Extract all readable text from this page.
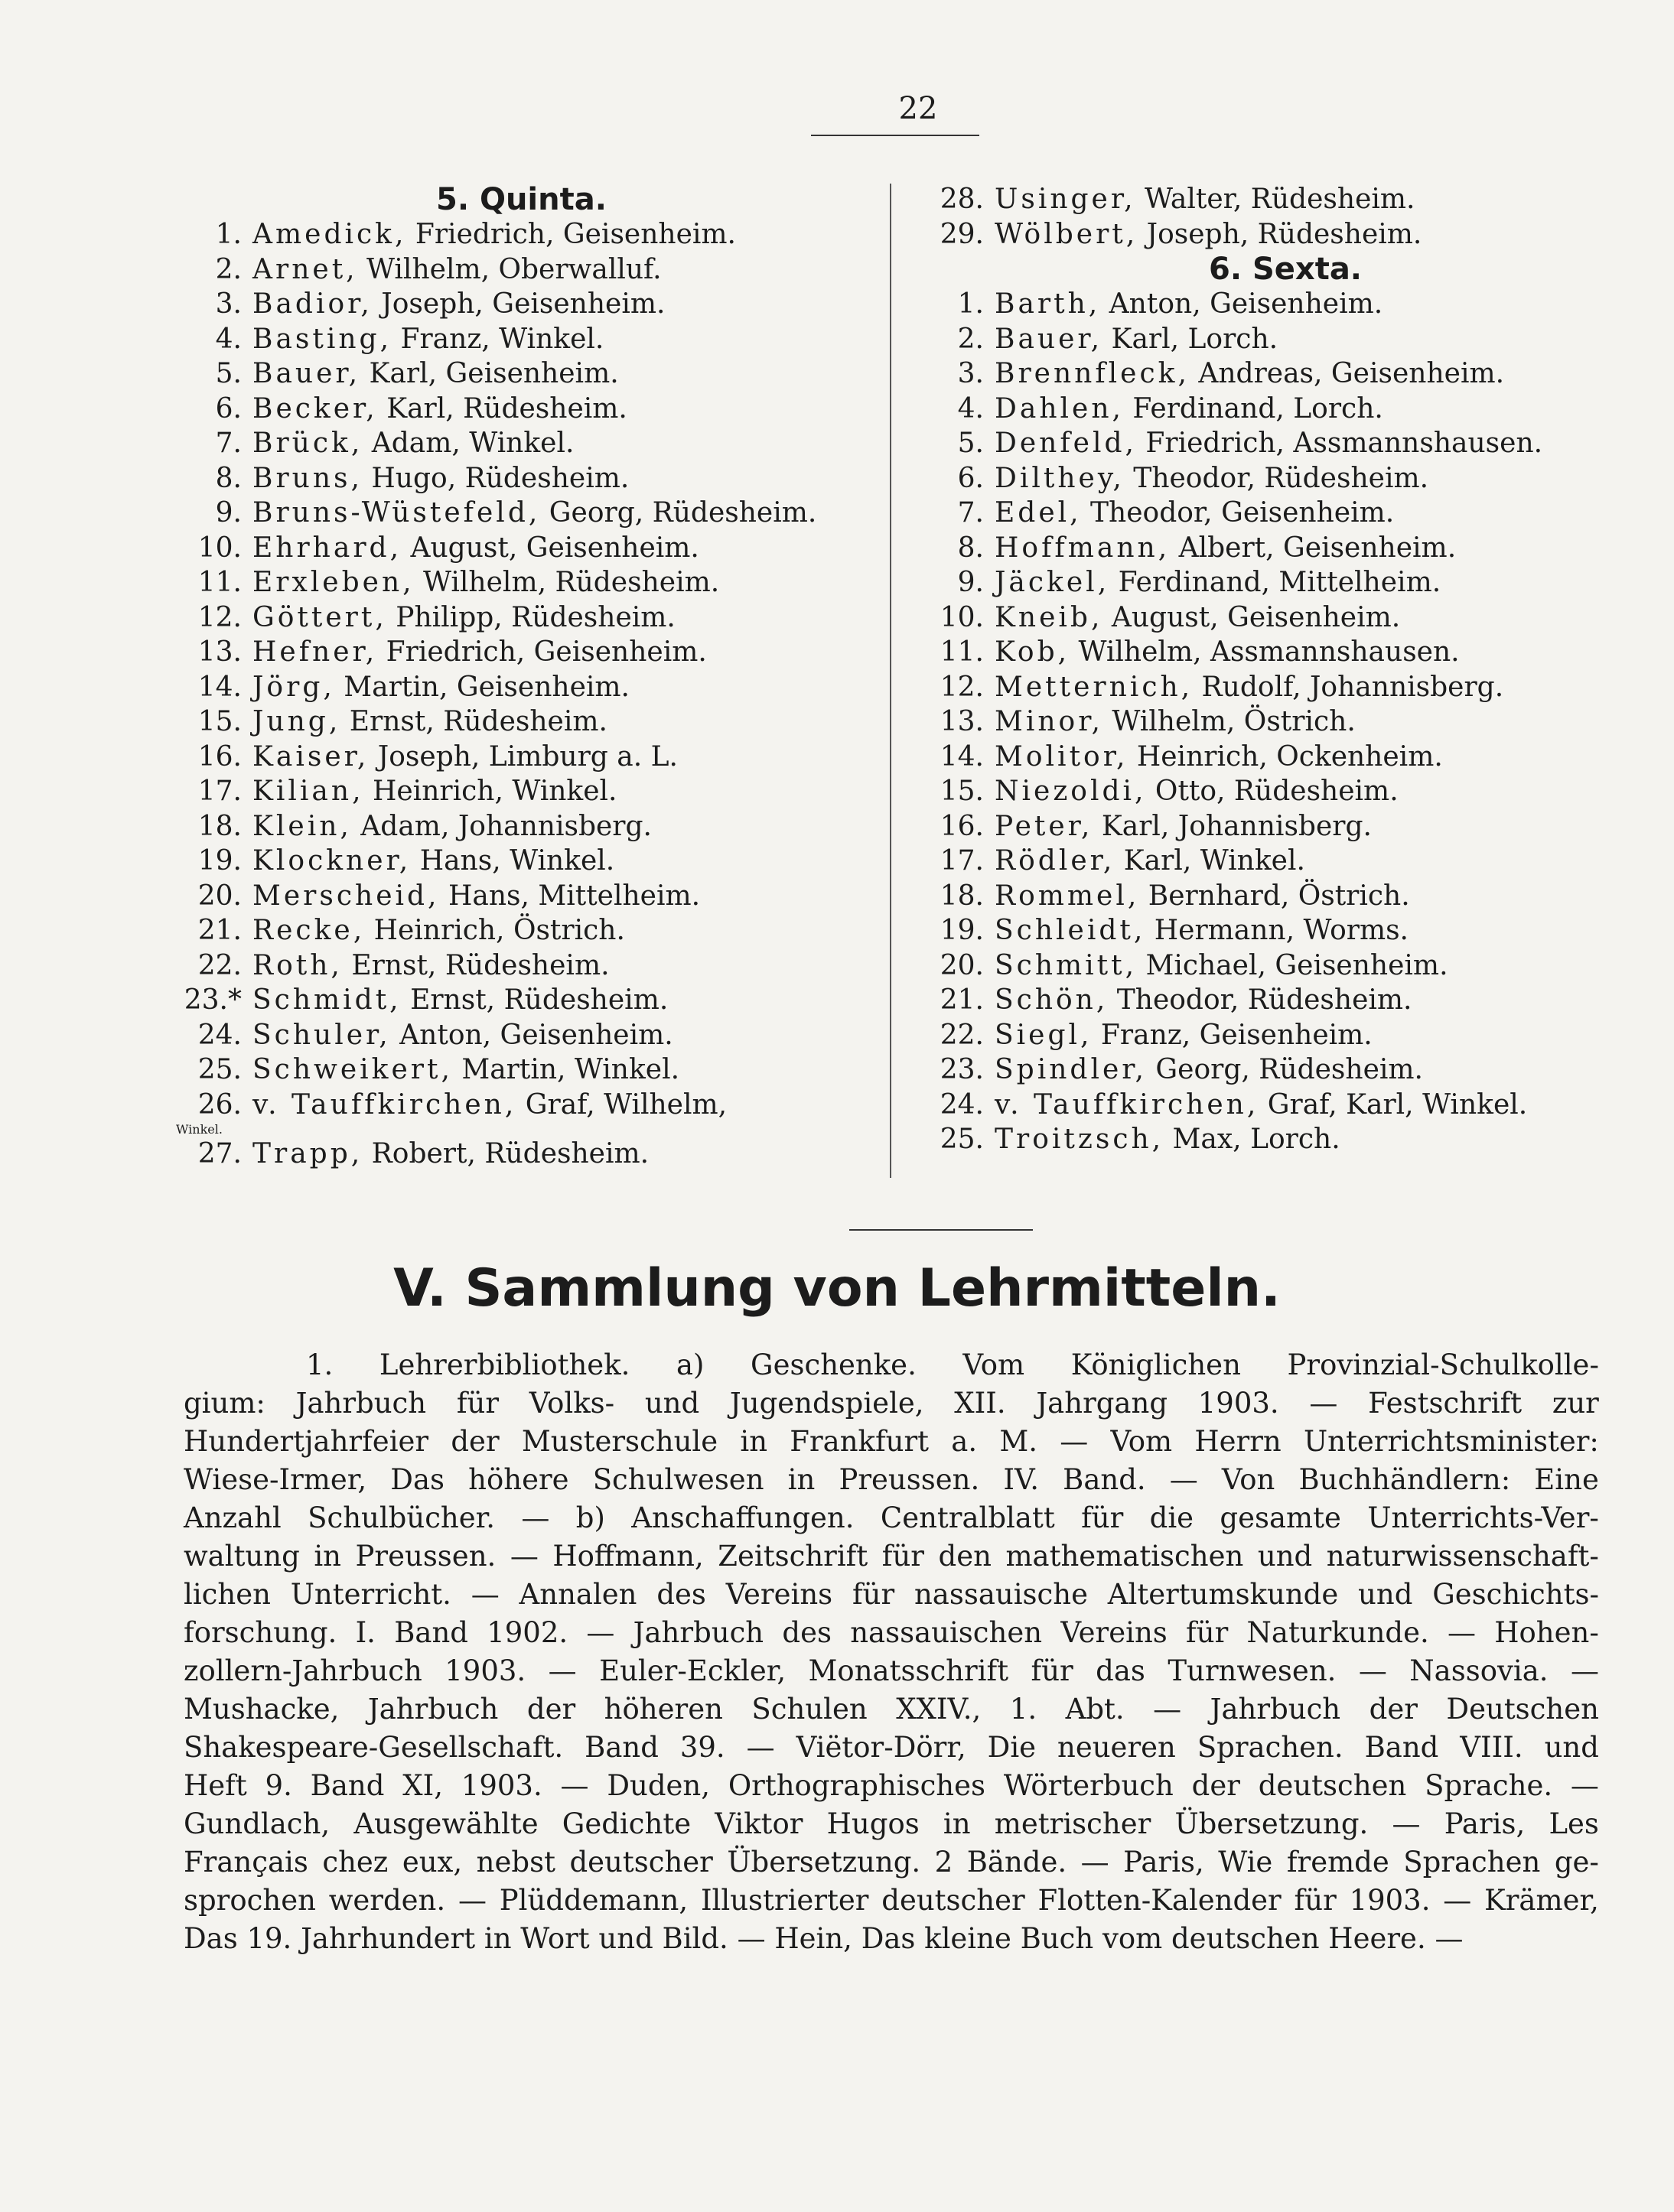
22
5. Quinta.
1. Amedick, Friedrich, Geisenheim.
2. Arnet, Wilhelm, Oberwalluf.
3. Badior, Joseph, Geisenheim.
4. Basting, Franz, Winkel.
5. Bauer, Karl, Geisenheim.
6. Becker, Karl, Rüdesheim.
7. Brück, Adam, Winkel.
8. Bruns, Hugo, Rüdesheim.
9. Bruns-Wüstefeld, Georg, Rüdesheim.
10. Ehrhard, August, Geisenheim.
11. Erxleben, Wilhelm, Rüdesheim.
12. Göttert, Philipp, Rüdesheim.
13. Hefner, Friedrich, Geisenheim.
14. Jörg, Martin, Geisenheim.
15. Jung, Ernst, Rüdesheim.
16. Kaiser, Joseph, Limburg a. L.
17. Kilian, Heinrich, Winkel.
18. Klein, Adam, Johannisberg.
19. Klockner, Hans, Winkel.
20. Merscheid, Hans, Mittelheim.
21. Recke, Heinrich, Östrich.
22. Roth, Ernst, Rüdesheim.
23.* Schmidt, Ernst, Rüdesheim.
24. Schuler, Anton, Geisenheim.
25. Schweikert, Martin, Winkel.
26. v. Tauffkirchen, Graf, Wilhelm,
Winkel.
27. Trapp, Robert, Rüdesheim.
28. Usinger, Walter, Rüdesheim.
29. Wölbert, Joseph, Rüdesheim.
6. Sexta.
1. Barth, Anton, Geisenheim.
2. Bauer, Karl, Lorch.
3. Brennfleck, Andreas, Geisenheim.
4. Dahlen, Ferdinand, Lorch.
5. Denfeld, Friedrich, Assmannshausen.
6. Dilthey, Theodor, Rüdesheim.
7. Edel, Theodor, Geisenheim.
8. Hoffmann, Albert, Geisenheim.
9. Jäckel, Ferdinand, Mittelheim.
10. Kneib, August, Geisenheim.
11. Kob, Wilhelm, Assmannshausen.
12. Metternich, Rudolf, Johannisberg.
13. Minor, Wilhelm, Östrich.
14. Molitor, Heinrich, Ockenheim.
15. Niezoldi, Otto, Rüdesheim.
16. Peter, Karl, Johannisberg.
17. Rödler, Karl, Winkel.
18. Rommel, Bernhard, Östrich.
19. Schleidt, Hermann, Worms.
20. Schmitt, Michael, Geisenheim.
21. Schön, Theodor, Rüdesheim.
22. Siegl, Franz, Geisenheim.
23. Spindler, Georg, Rüdesheim.
24. v. Tauffkirchen, Graf, Karl, Winkel.
25. Troitzsch, Max, Lorch.
V. Sammlung von Lehrmitteln.
1. Lehrerbibliothek. a) Geschenke. Vom Königlichen Provinzial-Schulkolle-
gium: Jahrbuch für Volks- und Jugendspiele, XII. Jahrgang 1903. — Festschrift zur
Hundertjahrfeier der Musterschule in Frankfurt a. M. — Vom Herrn Unterrichtsminister:
Wiese-Irmer, Das höhere Schulwesen in Preussen. IV. Band. — Von Buchhändlern: Eine
Anzahl Schulbücher. — b) Anschaffungen. Centralblatt für die gesamte Unterrichts-Ver-
waltung in Preussen. — Hoffmann, Zeitschrift für den mathematischen und naturwissenschaft-
lichen Unterricht. — Annalen des Vereins für nassauische Altertumskunde und Geschichts-
forschung. I. Band 1902. — Jahrbuch des nassauischen Vereins für Naturkunde. — Hohen-
zollern-Jahrbuch 1903. — Euler-Eckler, Monatsschrift für das Turnwesen. — Nassovia. —
Mushacke, Jahrbuch der höheren Schulen XXIV., 1. Abt. — Jahrbuch der Deutschen
Shakespeare-Gesellschaft. Band 39. — Viëtor-Dörr, Die neueren Sprachen. Band VIII. und
Heft 9. Band XI, 1903. — Duden, Orthographisches Wörterbuch der deutschen Sprache. —
Gundlach, Ausgewählte Gedichte Viktor Hugos in metrischer Übersetzung. — Paris, Les
Français chez eux, nebst deutscher Übersetzung. 2 Bände. — Paris, Wie fremde Sprachen ge-
sprochen werden. — Plüddemann, Illustrierter deutscher Flotten-Kalender für 1903. — Krämer,
Das 19. Jahrhundert in Wort und Bild. — Hein, Das kleine Buch vom deutschen Heere. —
